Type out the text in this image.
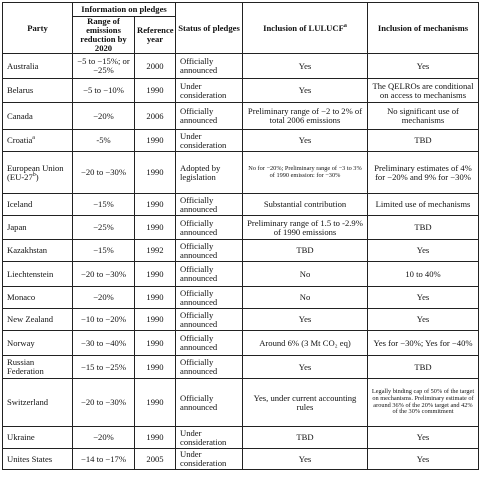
Party	Information on pledges		Status of pledges	Inclusion of LULUCF$^a$	Inclusion of mechanisms
	Range of emissions reduction by 2020	Reference year			
Australia	−5 to −15%; or −25%	2000	Officially announced	Yes	Yes
Belarus	−5 to −10%	1990	Under consideration	Yes	The QELROs are conditional on access to mechanisms
Canada	−20%	2006	Officially announced	Preliminary range of −2 to 2% of total 2006 emissions	No significant use of mechanisms
Croatia$^a$	-5%	1990	Under consideration	Yes	TBD
European Union $(EU-27^b)$	−20 to −30%	1990	Adopted by legislation	No for −20%; Preliminary range of −3 to 3% of 1990 emission: for −30%	Preliminary estimates of 4% for −20% and 9% for −30%
Iceland	−15%	1990	Officially announced	Substantial contribution	Limited use of mechanisms
Japan	−25%	1990	Officially announced	Preliminary range of 1.5 to -2.9% of 1990 emissions	TBD
Kazakhstan	−15%	1992	Officially announced	TBD	Yes
Liechtenstein	−20 to −30%	1990	Officially announced	No	10 to 40%
Monaco	−20%	1990	Officially announced	No	Yes
New Zealand	−10 to −20%	1990	Officially announced	Yes	Yes
Norway	−30 to −40%	1990	Officially announced	Around 6% (3 Mt CO₂ eq)	Yes for −30%; Yes for −40%
Russian Federation	−15 to −25%	1990	Officially announced	Yes	TBD
Switzerland	−20 to −30%	1990	Officially announced	Yes, under current accounting rules	Legally binding cap of 50% of the target on mechanisms. Preliminary estimate of around 36% of the 20% target and 42% of the 30% commitment
Ukraine	−20%	1990	Under consideration	TBD	Yes
Unites States	−14 to −17%	2005	Under consideration	Yes	Yes
